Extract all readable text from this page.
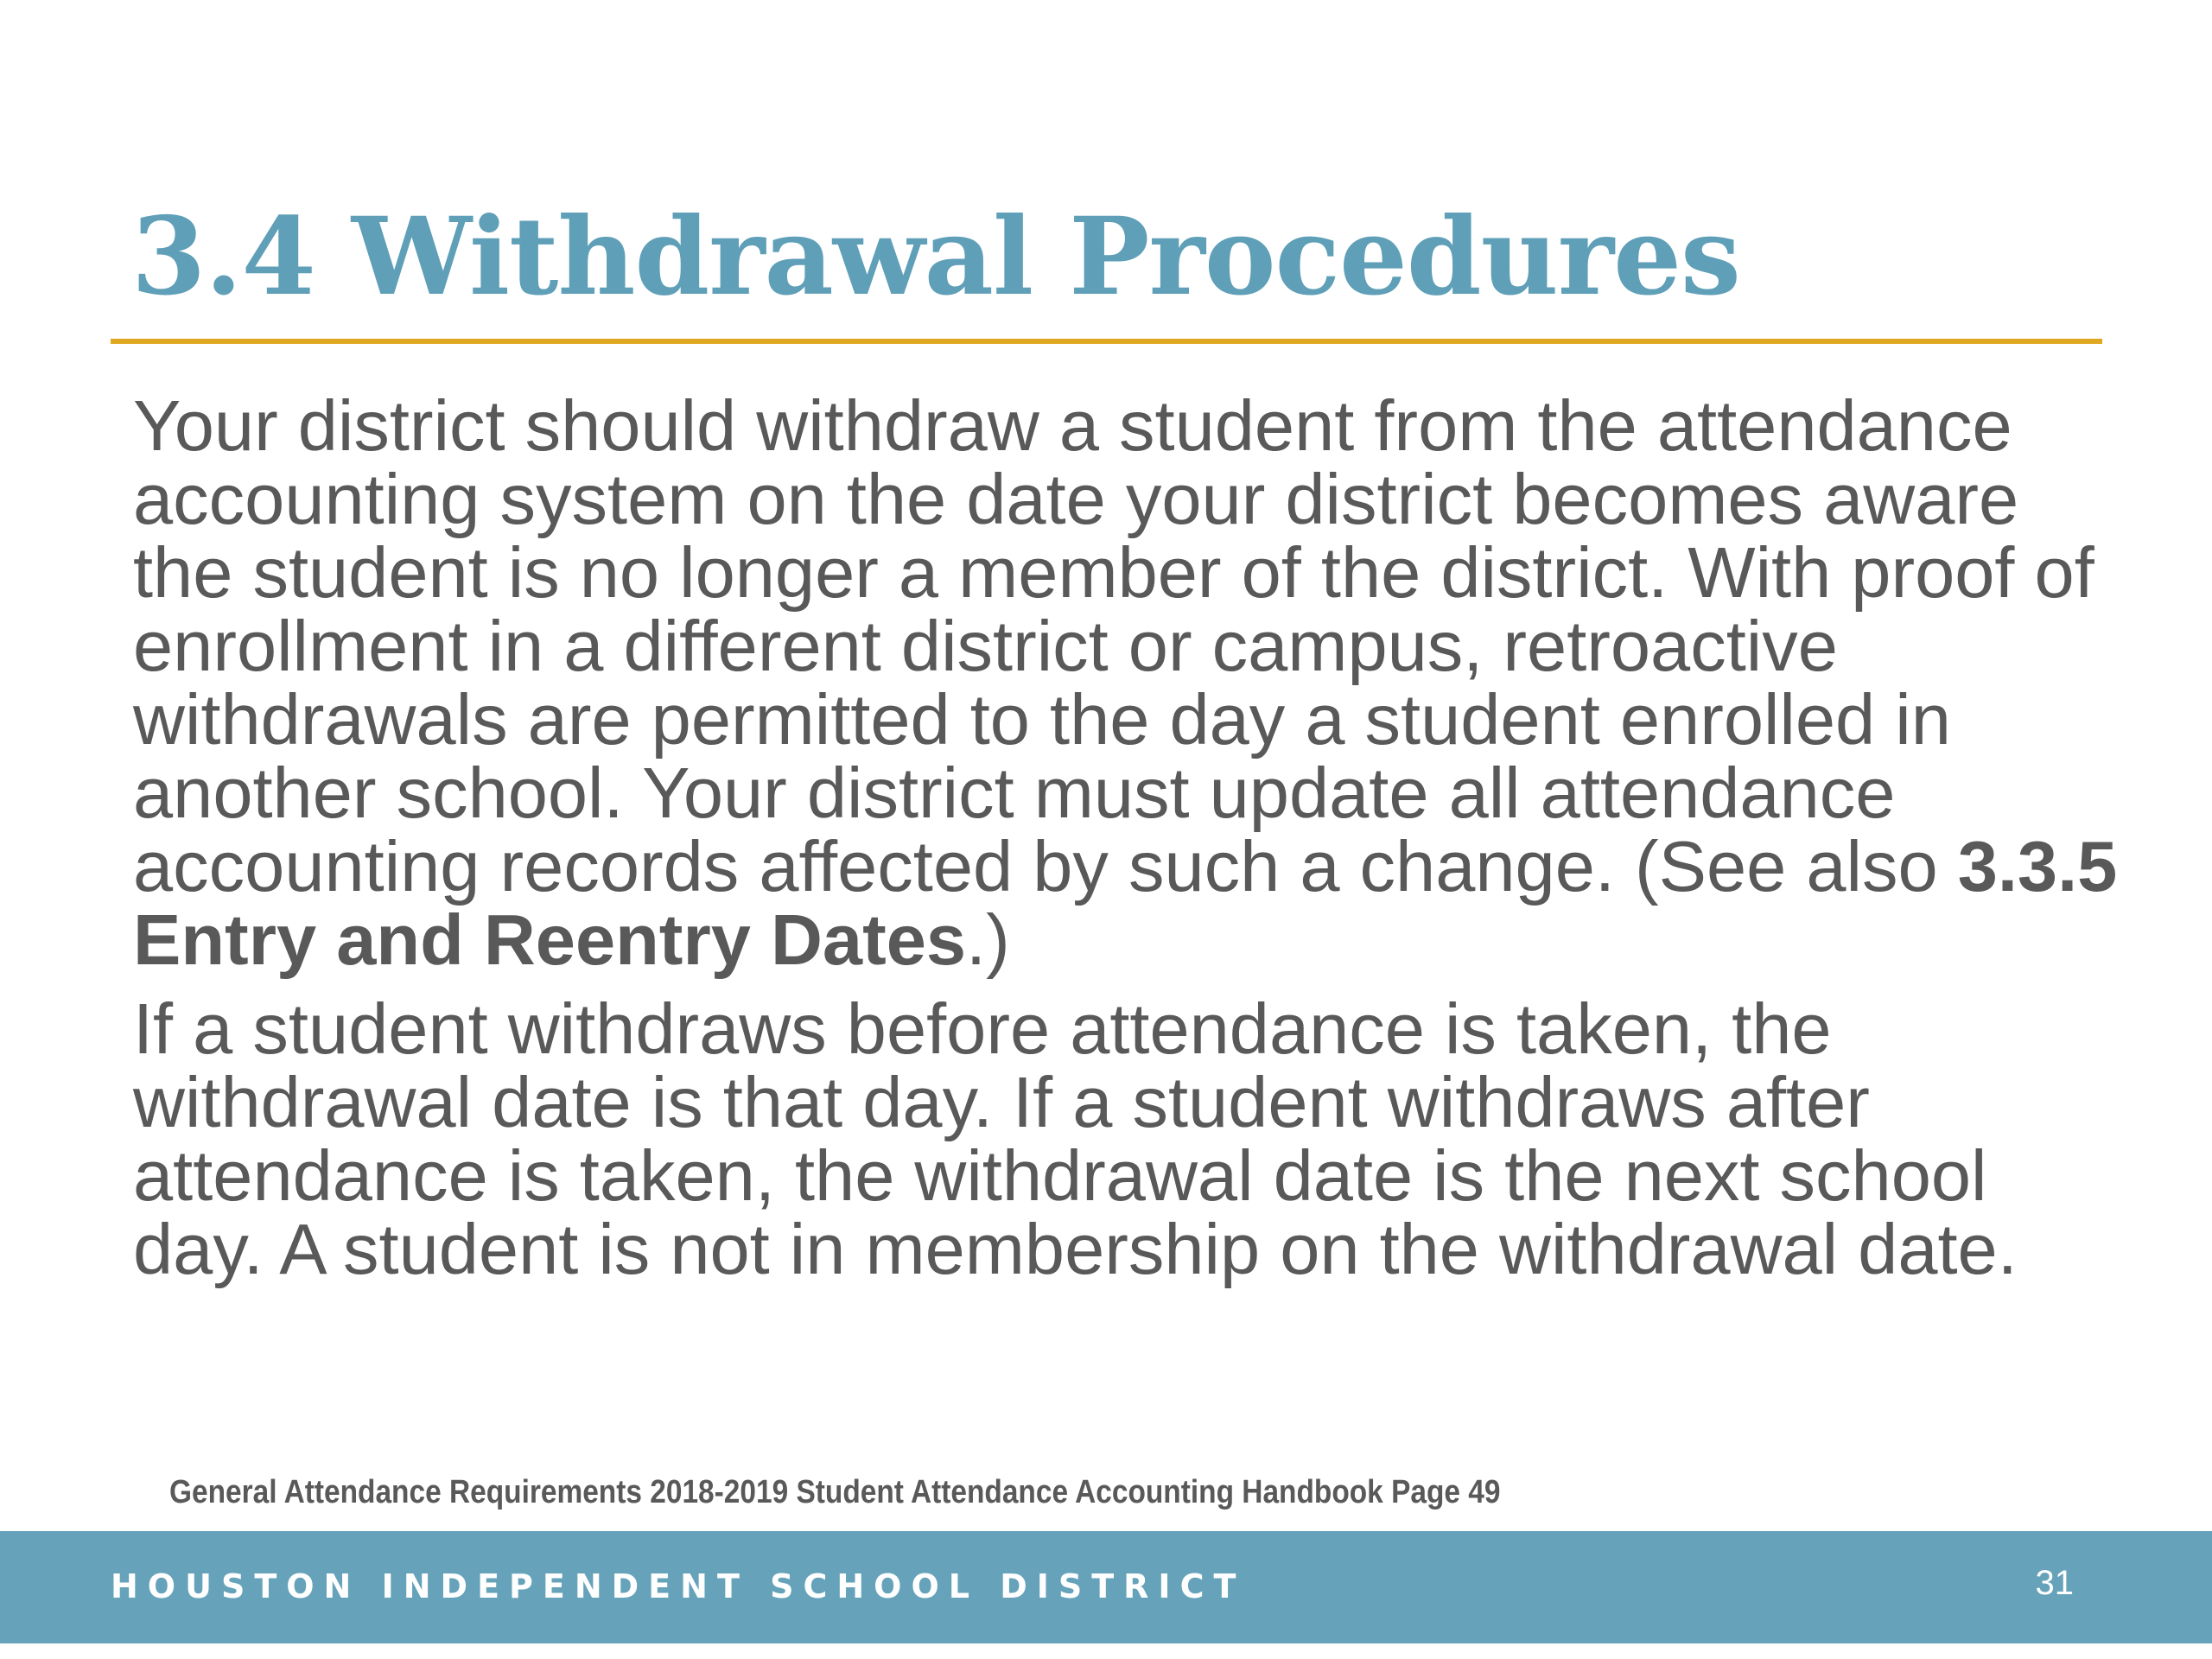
3.4 Withdrawal Procedures

Your district should withdraw a student from the attendance accounting system on the date your district becomes aware the student is no longer a member of the district. With proof of enrollment in a different district or campus, retroactive withdrawals are permitted to the day a student enrolled in another school. Your district must update all attendance accounting records affected by such a change. (See also 3.3.5 Entry and Reentry Dates.)

If a student withdraws before attendance is taken, the withdrawal date is that day. If a student withdraws after attendance is taken, the withdrawal date is the next school day. A student is not in membership on the withdrawal date.

General Attendance Requirements 2018-2019 Student Attendance Accounting Handbook Page 49

HOUSTON INDEPENDENT SCHOOL DISTRICT	31
